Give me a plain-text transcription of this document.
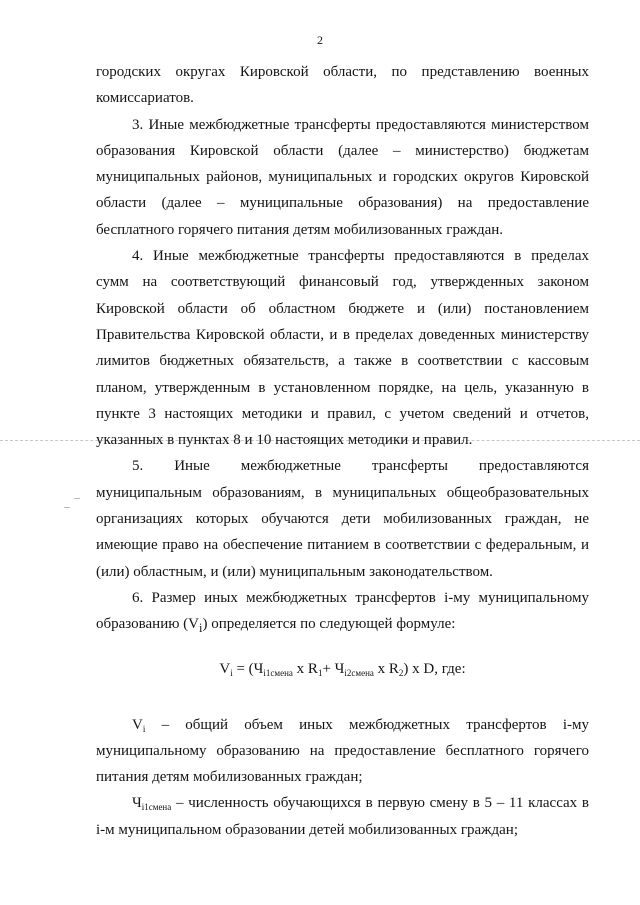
2

городских округах Кировской области, по представлению военных комиссариатов.

3. Иные межбюджетные трансферты предоставляются министерством образования Кировской области (далее – министерство) бюджетам муниципальных районов, муниципальных и городских округов Кировской области (далее – муниципальные образования) на предоставление бесплатного горячего питания детям мобилизованных граждан.

4. Иные межбюджетные трансферты предоставляются в пределах сумм на соответствующий финансовый год, утвержденных законом Кировской области об областном бюджете и (или) постановлением Правительства Кировской области, и в пределах доведенных министерству лимитов бюджетных обязательств, а также в соответствии с кассовым планом, утвержденным в установленном порядке, на цель, указанную в пункте 3 настоящих методики и правил, с учетом сведений и отчетов, указанных в пунктах 8 и 10 настоящих методики и правил.

5. Иные межбюджетные трансферты предоставляются муниципальным образованиям, в муниципальных общеобразовательных организациях которых обучаются дети мобилизованных граждан, не имеющие право на обеспечение питанием в соответствии с федеральным, и (или) областным, и (или) муниципальным законодательством.

6. Размер иных межбюджетных трансфертов i-му муниципальному образованию $(V_i)$ определяется по следующей формуле:

$V_i = (Ч_{i1смена}$ x $R_1+ Ч_{i2смена}$ x $R_2$) x D, где:

$V_i$ – общий объем иных межбюджетных трансфертов i-му муниципальному образованию на предоставление бесплатного горячего питания детям мобилизованных граждан;

$Ч_{i1смена}$ – численность обучающихся в первую смену в 5 – 11 классах в i-м муниципальном образовании детей мобилизованных граждан;
